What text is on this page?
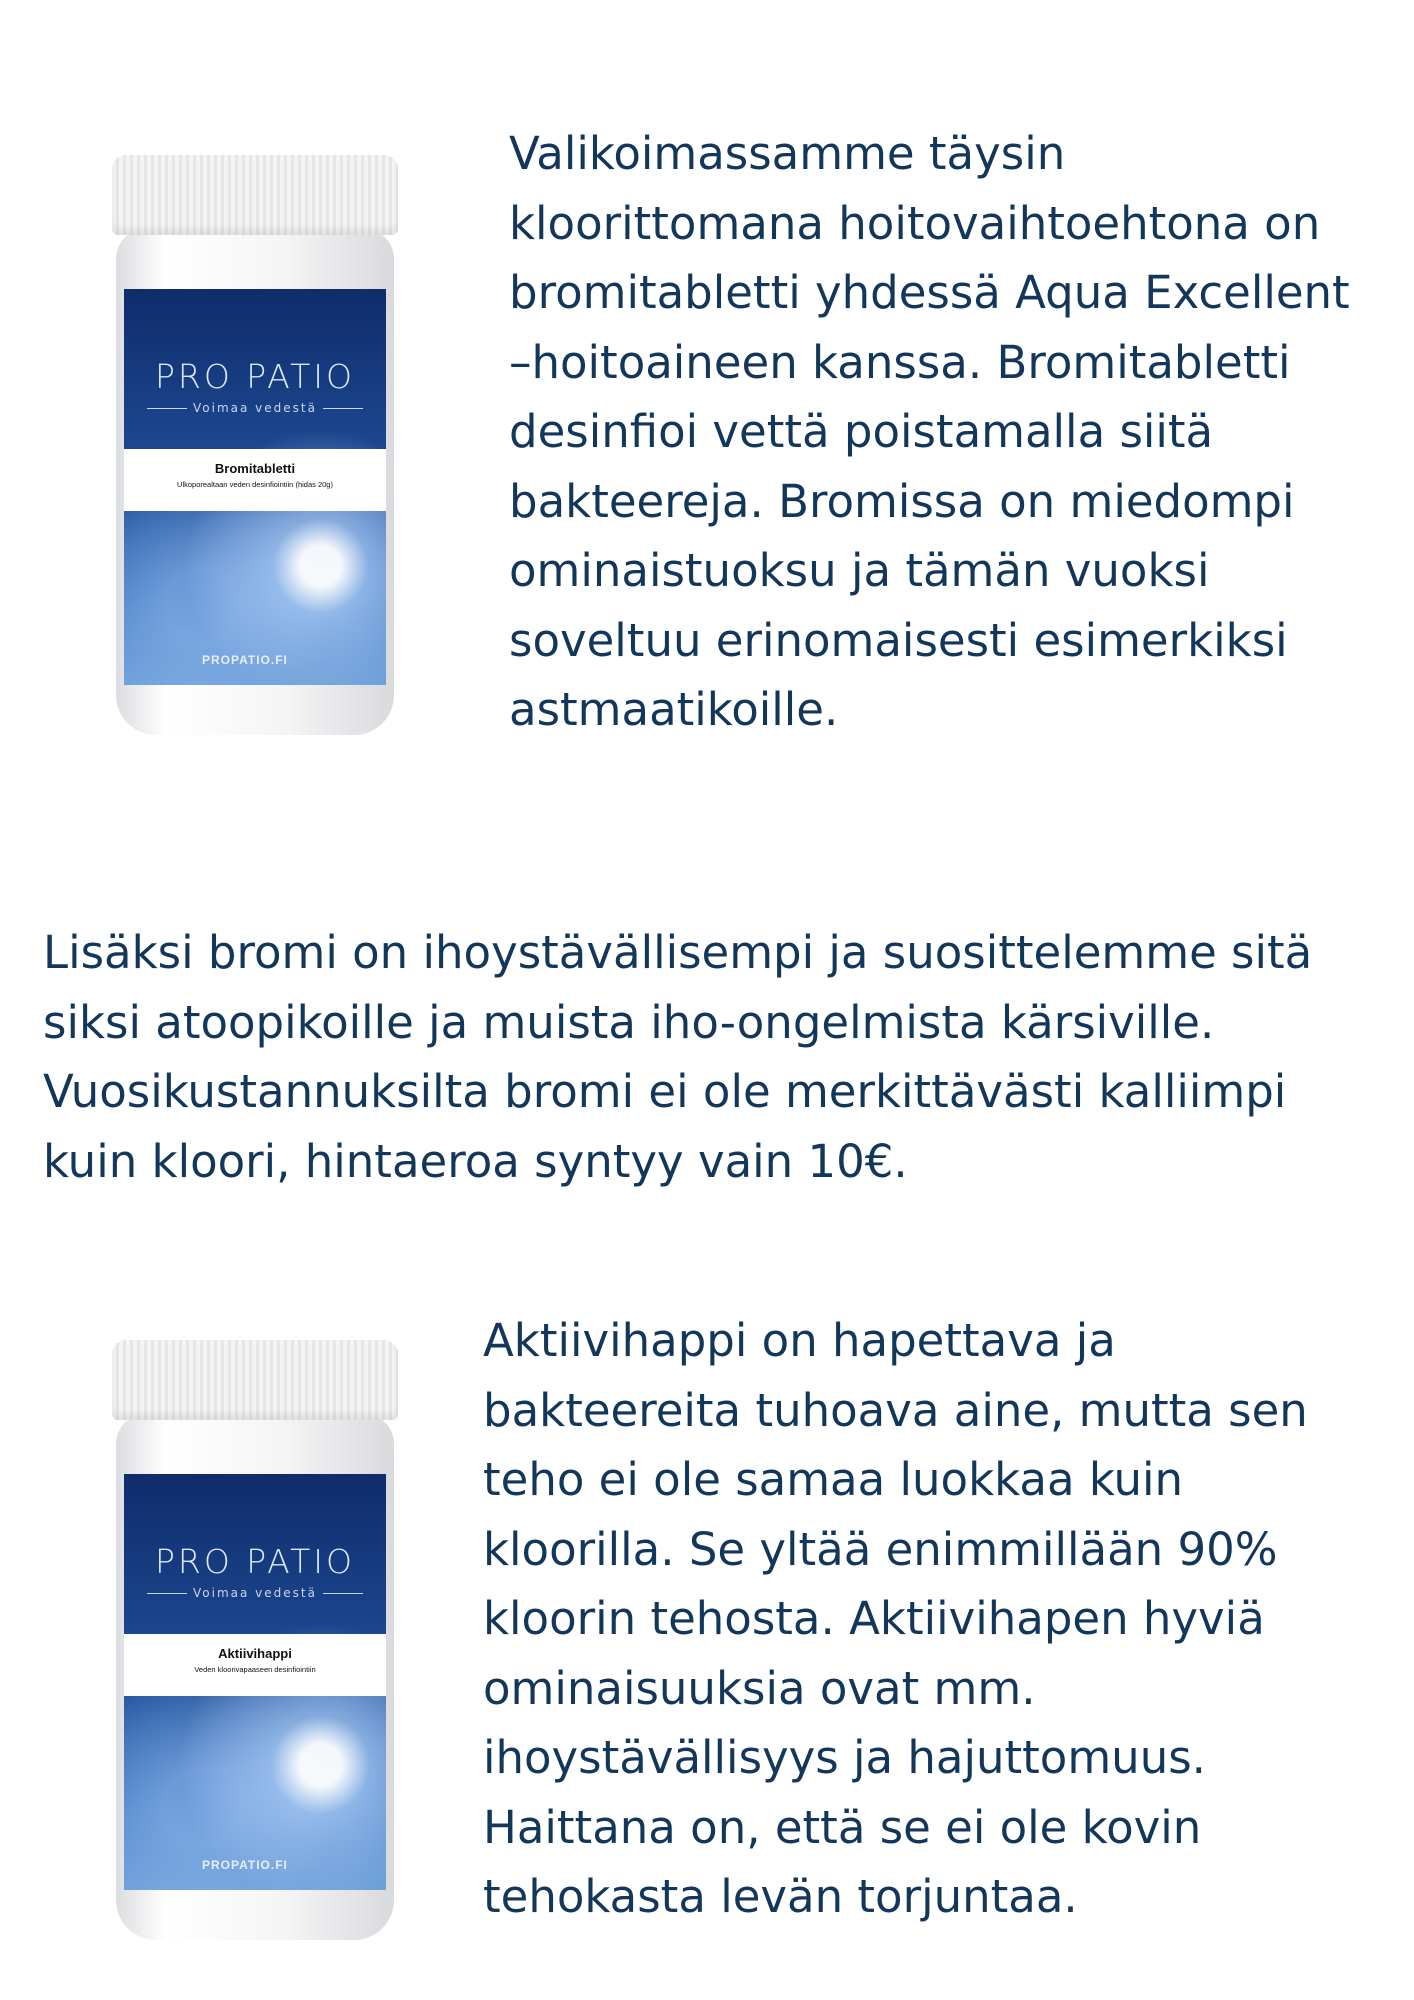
PRO PATIO
Voimaa vedestä
Bromitabletti
Ulkoporealtaan veden desinfiointiin (hidas 20g)
PROPATIO.FI

Valikoimassamme täysin
kloorittomana hoitovaihtoehtona on
bromitabletti yhdessä Aqua Excellent
–hoitoaineen kanssa. Bromitabletti
desinfioi vettä poistamalla siitä
bakteereja. Bromissa on miedompi
ominaistuoksu ja tämän vuoksi
soveltuu erinomaisesti esimerkiksi
astmaatikoille.

Lisäksi bromi on ihoystävällisempi ja suosittelemme sitä
siksi atoopikoille ja muista iho-ongelmista kärsiville.
Vuosikustannuksilta bromi ei ole merkittävästi kalliimpi
kuin kloori, hintaeroa syntyy vain 10€.

PRO PATIO
Voimaa vedestä
Aktiivihappi
Veden kloorivapaaseen desinfiointiin
PROPATIO.FI

Aktiivihappi on hapettava ja
bakteereita tuhoava aine, mutta sen
teho ei ole samaa luokkaa kuin
kloorilla. Se yltää enimmillään 90%
kloorin tehosta. Aktiivihapen hyviä
ominaisuuksia ovat mm.
ihoystävällisyys ja hajuttomuus.
Haittana on, että se ei ole kovin
tehokasta levän torjuntaa.
